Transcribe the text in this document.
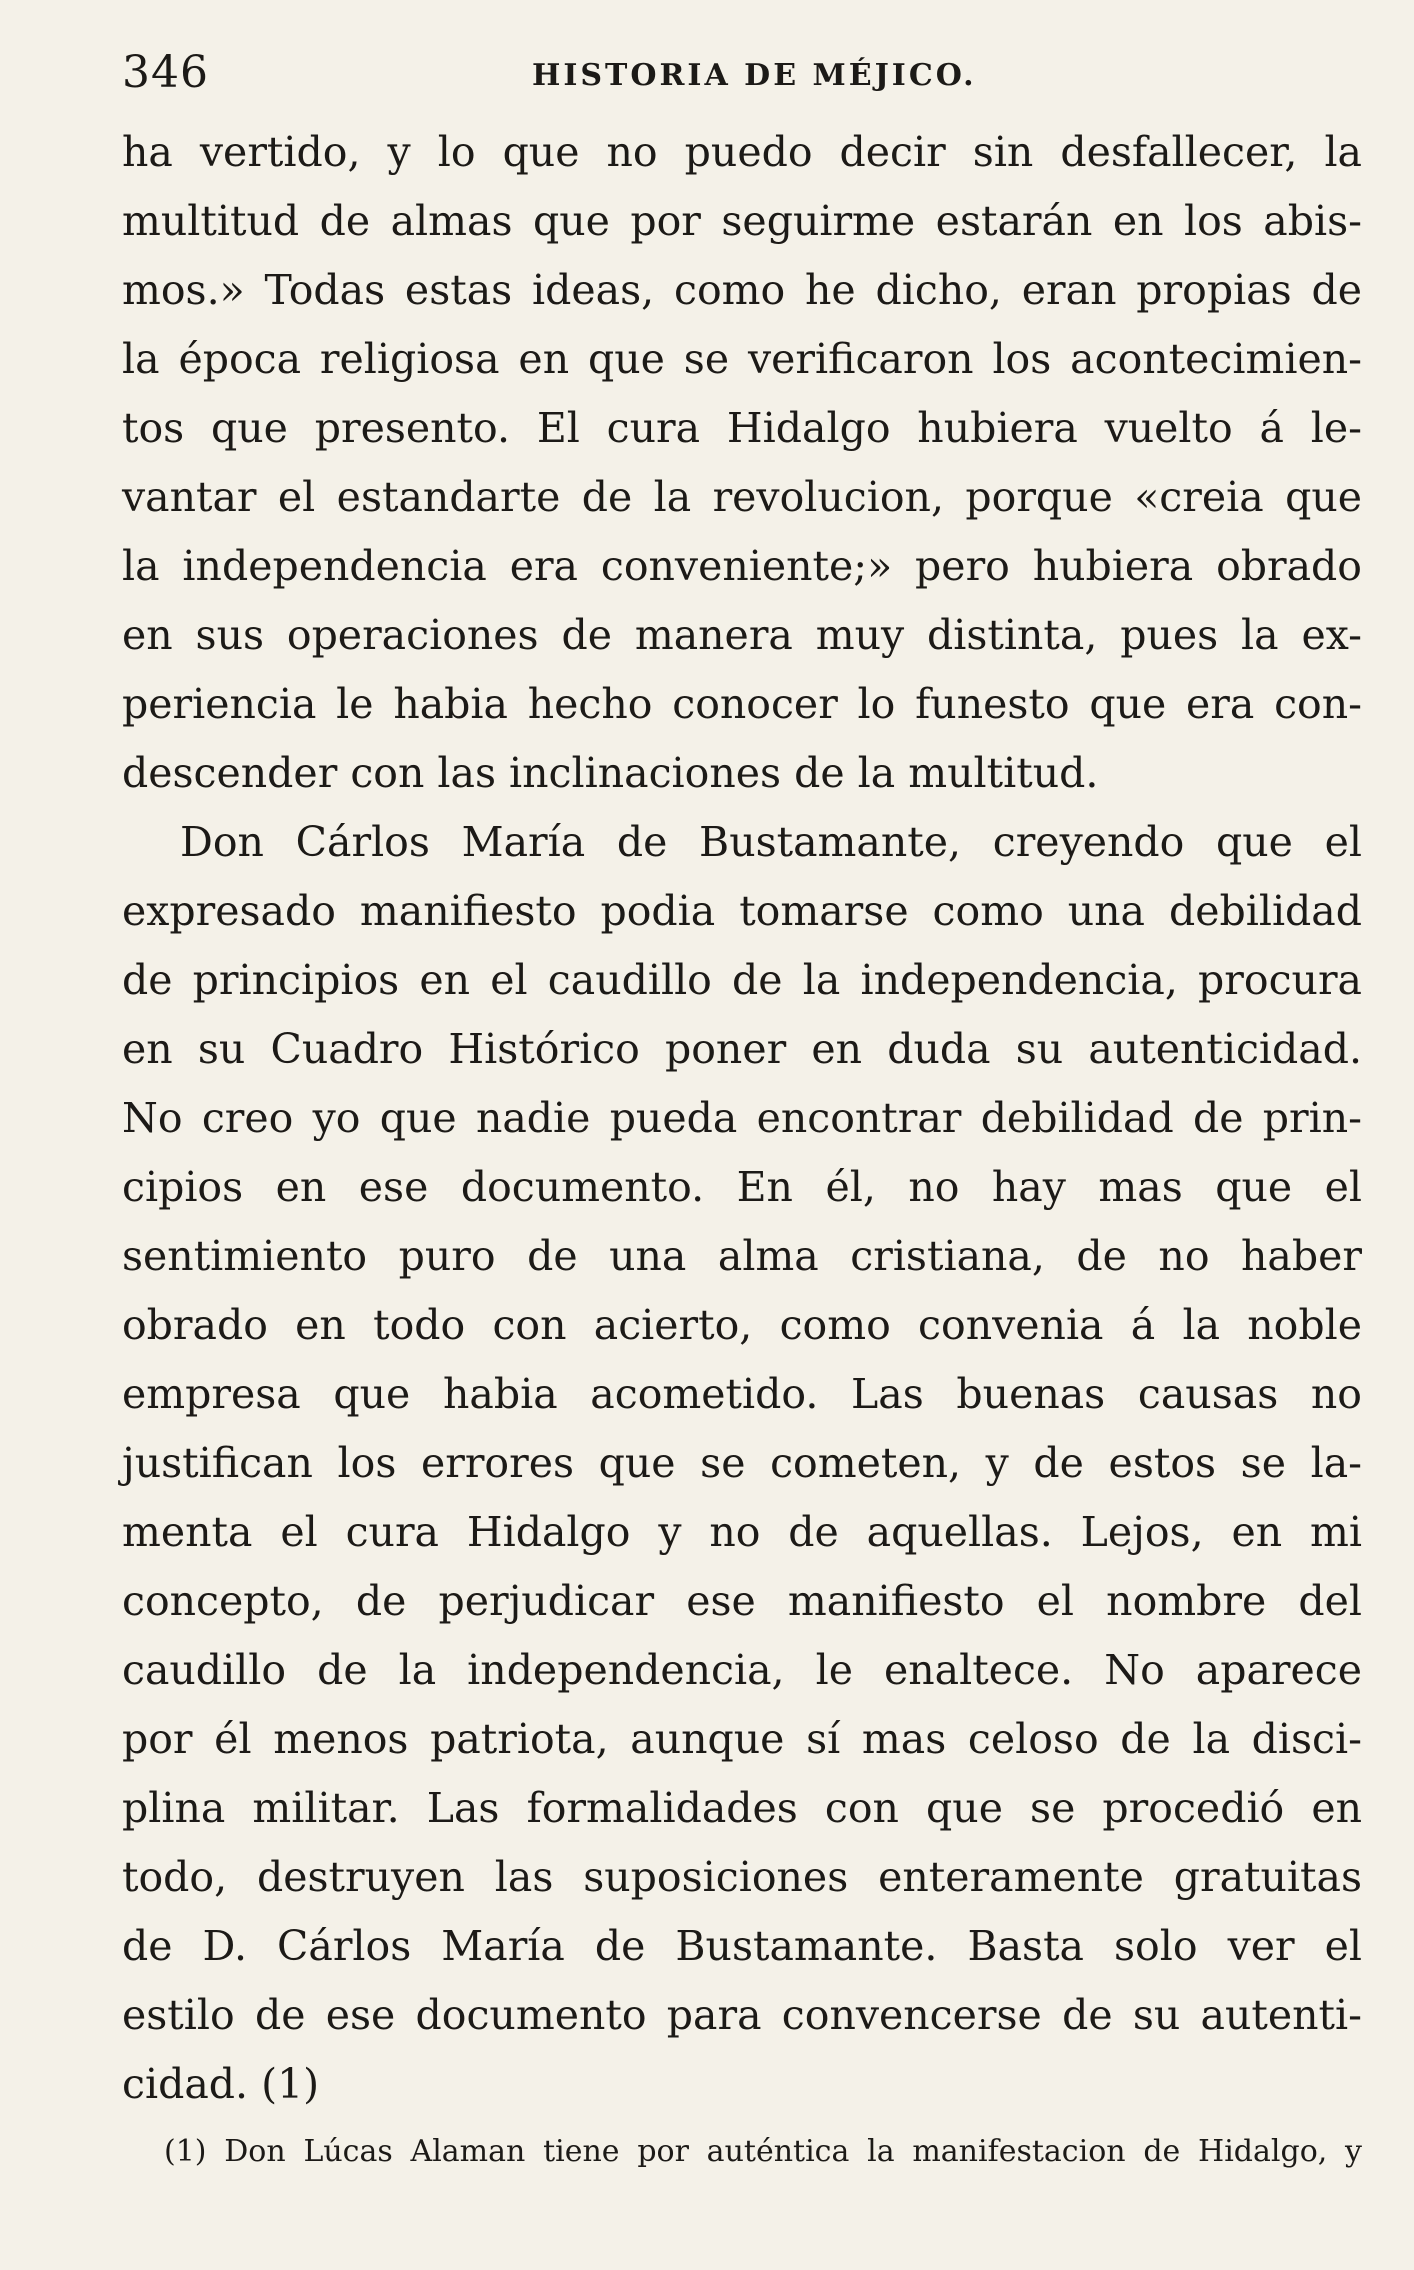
346	HISTORIA DE MÉJICO.
ha vertido, y lo que no puedo decir sin desfallecer, la
multitud de almas que por seguirme estarán en los abis-
mos.» Todas estas ideas, como he dicho, eran propias de
la época religiosa en que se verificaron los acontecimien-
tos que presento. El cura Hidalgo hubiera vuelto á le-
vantar el estandarte de la revolucion, porque «creia que
la independencia era conveniente;» pero hubiera obrado
en sus operaciones de manera muy distinta, pues la ex-
periencia le habia hecho conocer lo funesto que era con-
descender con las inclinaciones de la multitud.
Don Cárlos María de Bustamante, creyendo que el
expresado manifiesto podia tomarse como una debilidad
de principios en el caudillo de la independencia, procura
en su Cuadro Histórico poner en duda su autenticidad.
No creo yo que nadie pueda encontrar debilidad de prin-
cipios en ese documento. En él, no hay mas que el
sentimiento puro de una alma cristiana, de no haber
obrado en todo con acierto, como convenia á la noble
empresa que habia acometido. Las buenas causas no
justifican los errores que se cometen, y de estos se la-
menta el cura Hidalgo y no de aquellas. Lejos, en mi
concepto, de perjudicar ese manifiesto el nombre del
caudillo de la independencia, le enaltece. No aparece
por él menos patriota, aunque sí mas celoso de la disci-
plina militar. Las formalidades con que se procedió en
todo, destruyen las suposiciones enteramente gratuitas
de D. Cárlos María de Bustamante. Basta solo ver el
estilo de ese documento para convencerse de su autenti-
cidad. (1)
(1) Don Lúcas Alaman tiene por auténtica la manifestacion de Hidalgo, y
